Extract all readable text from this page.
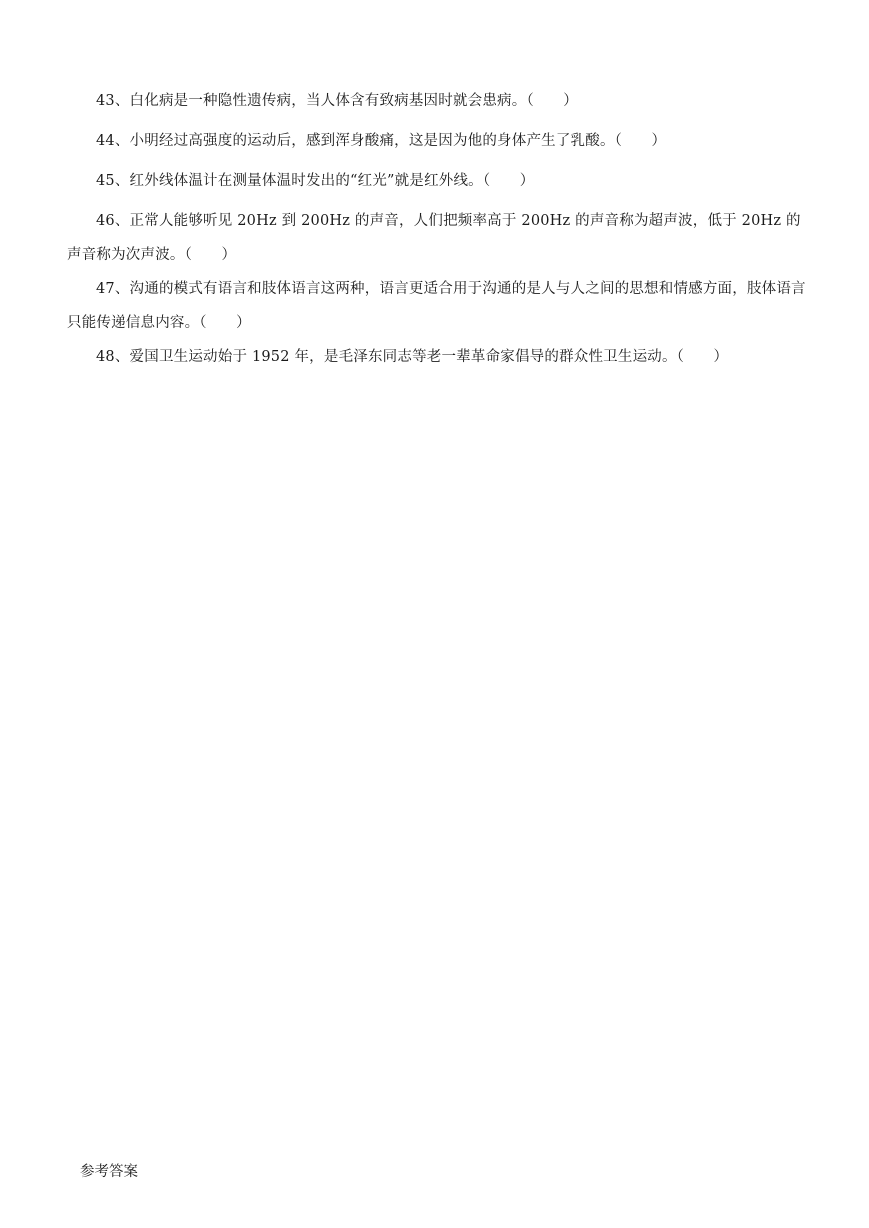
43、白化病是一种隐性遗传病，当人体含有致病基因时就会患病。（　　）

44、小明经过高强度的运动后，感到浑身酸痛，这是因为他的身体产生了乳酸。（　　）

45、红外线体温计在测量体温时发出的“红光”就是红外线。（　　）

46、正常人能够听见 20Hz 到 200Hz 的声音，人们把频率高于 200Hz 的声音称为超声波，低于 20Hz 的声音称为次声波。（　　）

47、沟通的模式有语言和肢体语言这两种，语言更适合用于沟通的是人与人之间的思想和情感方面，肢体语言只能传递信息内容。（　　）

48、爱国卫生运动始于 1952 年，是毛泽东同志等老一辈革命家倡导的群众性卫生运动。（　　）

参考答案
